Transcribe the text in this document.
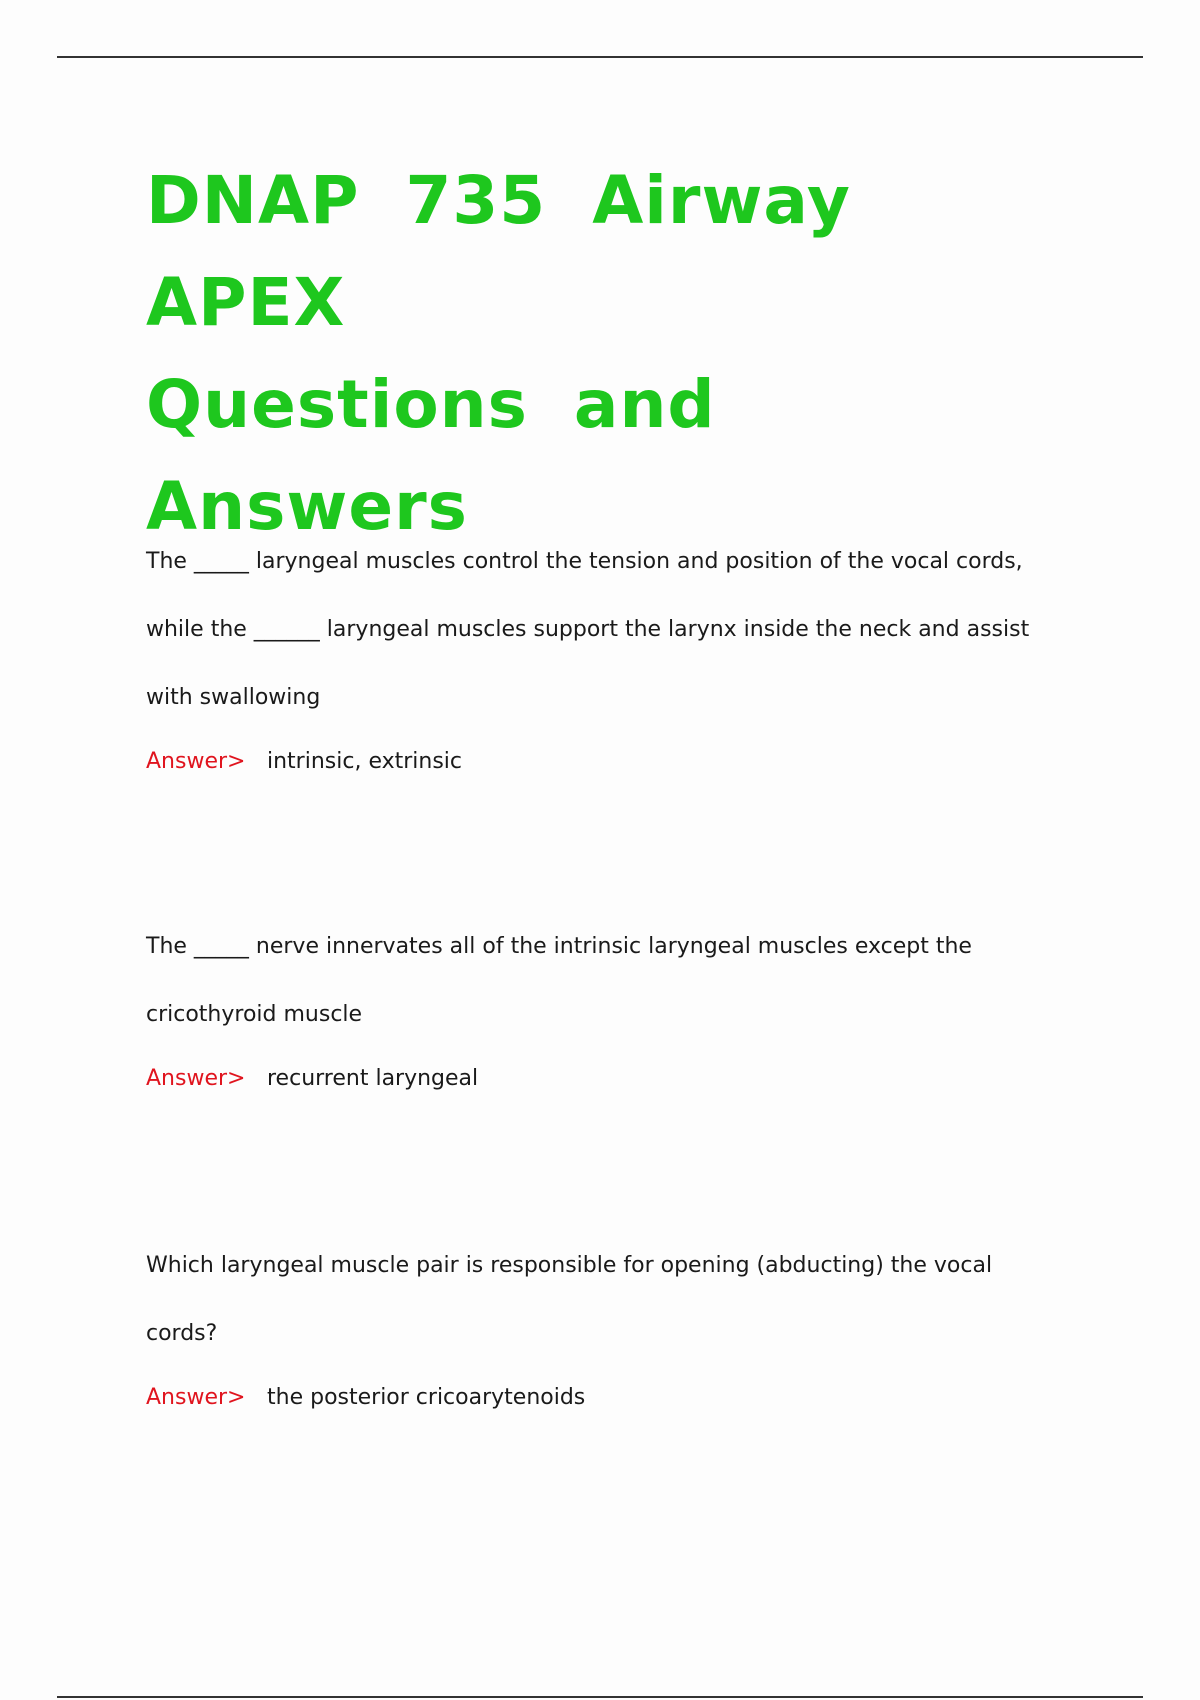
DNAP 735 Airway APEX
Questions and Answers

The _____ laryngeal muscles control the tension and position of the vocal cords, while the ______ laryngeal muscles support the larynx inside the neck and assist with swallowing

Answer> intrinsic, extrinsic

The _____ nerve innervates all of the intrinsic laryngeal muscles except the cricothyroid muscle

Answer> recurrent laryngeal

Which laryngeal muscle pair is responsible for opening (abducting) the vocal cords?

Answer> the posterior cricoarytenoids
